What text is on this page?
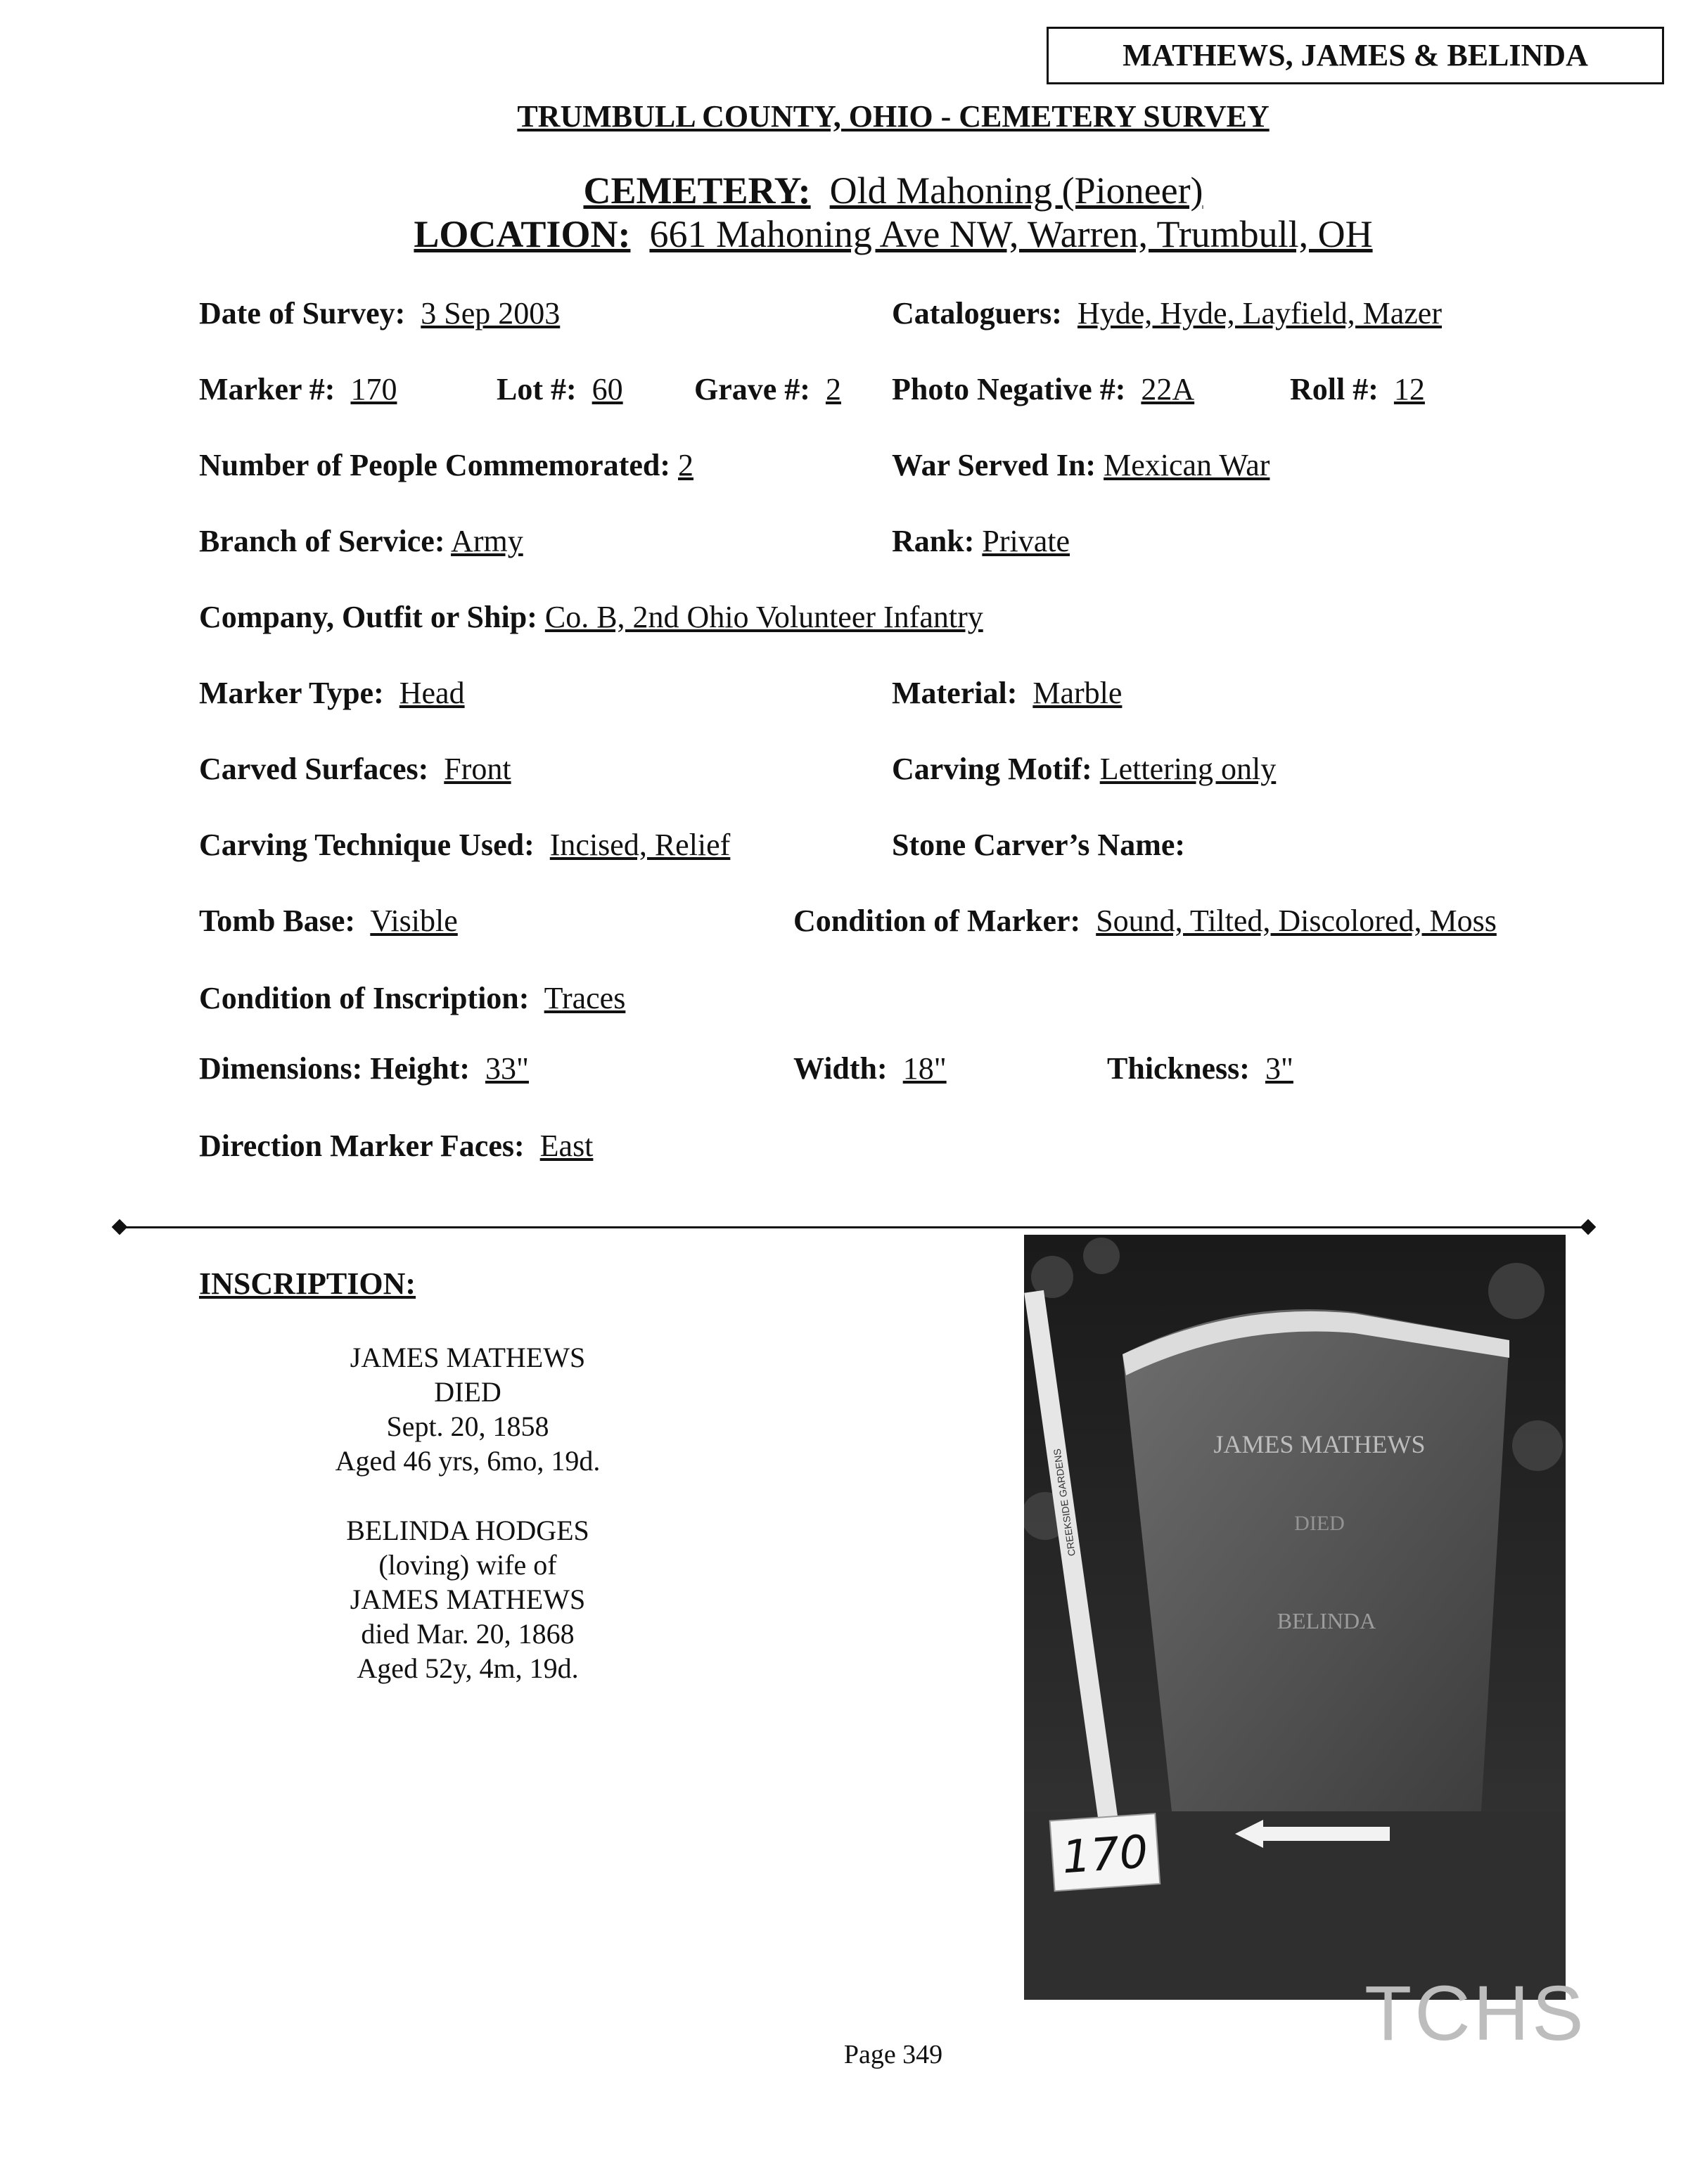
MATHEWS, JAMES & BELINDA
TRUMBULL COUNTY, OHIO - CEMETERY SURVEY
CEMETERY: Old Mahoning (Pioneer)
LOCATION: 661 Mahoning Ave NW, Warren, Trumbull, OH
Date of Survey: 3 Sep 2003	Cataloguers: Hyde, Hyde, Layfield, Mazer
Marker #: 170	Lot #: 60 Grave #: 2 Photo Negative #: 22A	Roll #: 12
Number of People Commemorated: 2	War Served In: Mexican War
Branch of Service: Army	Rank: Private
Company, Outfit or Ship: Co. B, 2nd Ohio Volunteer Infantry
Marker Type: Head	Material: Marble
Carved Surfaces: Front	Carving Motif: Lettering only
Carving Technique Used: Incised, Relief	Stone Carver’s Name:
Tomb Base: Visible	Condition of Marker: Sound, Tilted, Discolored, Moss
Condition of Inscription: Traces
Dimensions: Height: 33"	Width: 18"	Thickness: 3"
Direction Marker Faces: East
INSCRIPTION:
JAMES MATHEWS
DIED
Sept. 20, 1858
Aged 46 yrs, 6mo, 19d.
BELINDA HODGES
(loving) wife of
JAMES MATHEWS
died Mar. 20, 1868
Aged 52y, 4m, 19d.
JAMES MATHEWS
DIED
BELINDA
CREEKSIDE GARDENS
170
TCHS
Page 349
